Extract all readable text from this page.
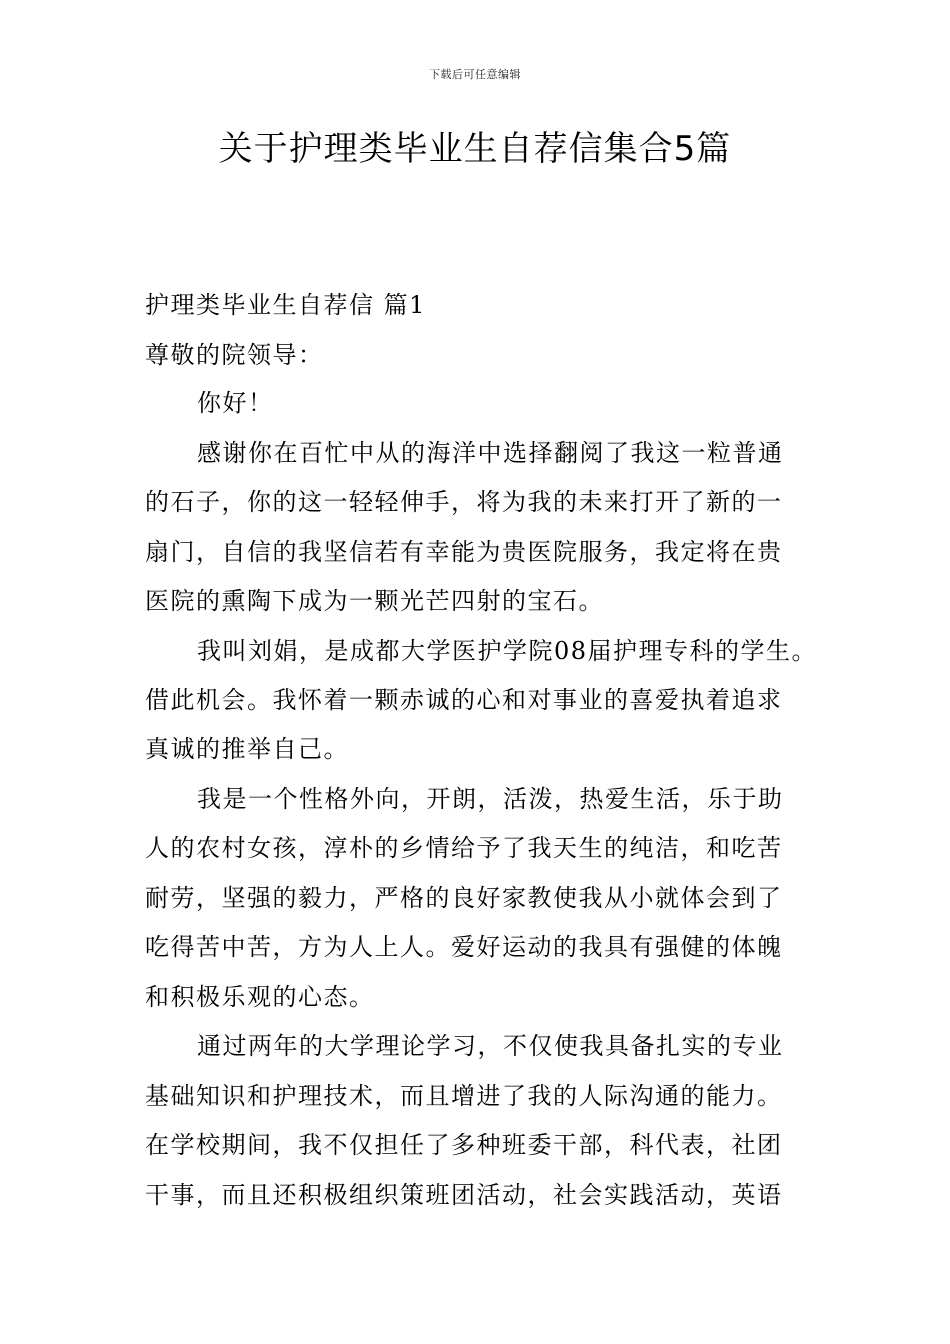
下载后可任意编辑
关于护理类毕业生自荐信集合5篇
护理类毕业生自荐信 篇1
尊敬的院领导：
你好！
感谢你在百忙中从的海洋中选择翻阅了我这一粒普通
的石子，你的这一轻轻伸手，将为我的未来打开了新的一
扇门，自信的我坚信若有幸能为贵医院服务，我定将在贵
医院的熏陶下成为一颗光芒四射的宝石。
我叫刘娟，是成都大学医护学院08届护理专科的学生。
借此机会。我怀着一颗赤诚的心和对事业的喜爱执着追求
真诚的推举自己。
我是一个性格外向，开朗，活泼，热爱生活，乐于助
人的农村女孩，淳朴的乡情给予了我天生的纯洁，和吃苦
耐劳，坚强的毅力，严格的良好家教使我从小就体会到了
吃得苦中苦，方为人上人。爱好运动的我具有强健的体魄
和积极乐观的心态。
通过两年的大学理论学习，不仅使我具备扎实的专业
基础知识和护理技术，而且增进了我的人际沟通的能力。
在学校期间，我不仅担任了多种班委干部，科代表，社团
干事，而且还积极组织策班团活动，社会实践活动，英语
